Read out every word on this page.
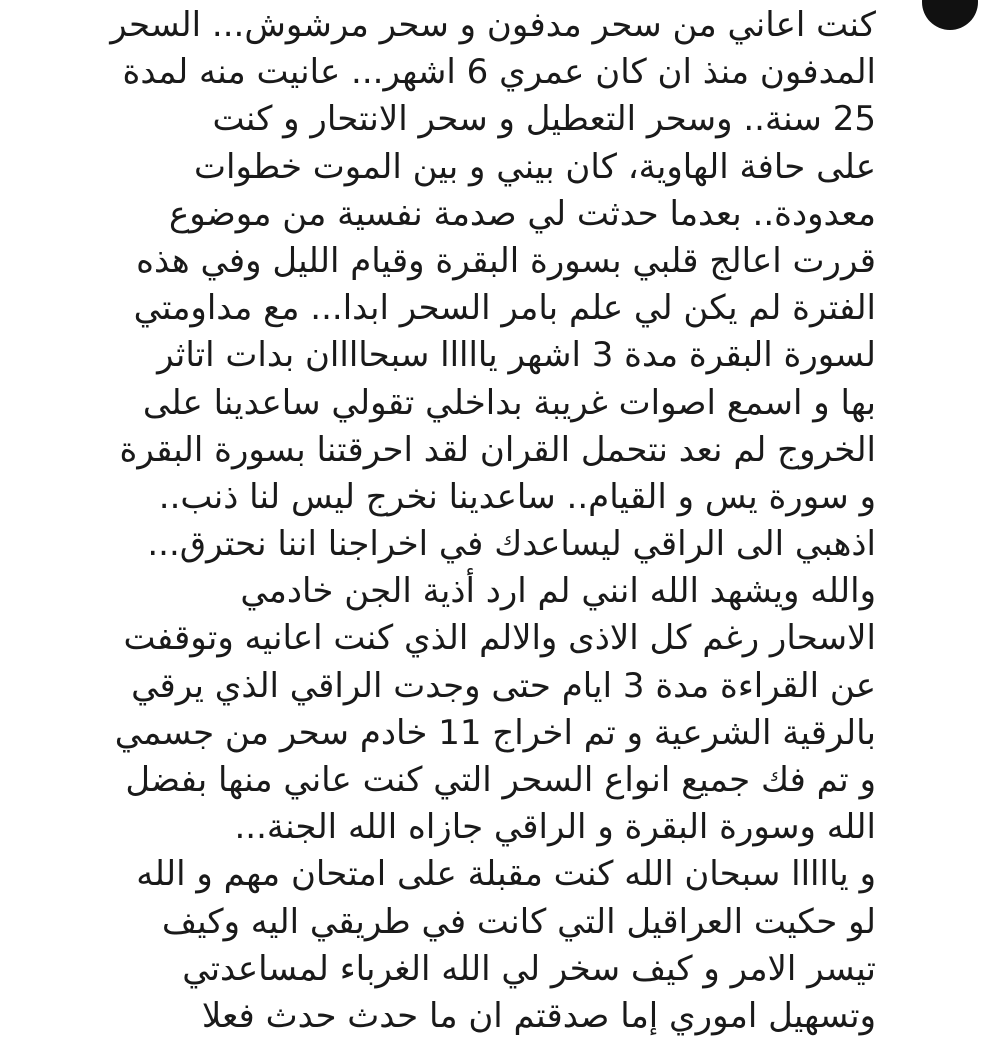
كنت اعاني من سحر مدفون و سحر مرشوش... السحر
المدفون منذ ان كان عمري 6 اشهر... عانيت منه لمدة
25 سنة.. وسحر التعطيل و سحر الانتحار و كنت
على حافة الهاوية، كان بيني و بين الموت خطوات
معدودة.. بعدما حدثت لي صدمة نفسية من موضوع
قررت اعالج قلبي بسورة البقرة وقيام الليل وفي هذه
الفترة لم يكن لي علم بامر السحر ابدا... مع مداومتي
لسورة البقرة مدة 3 اشهر يااااا سبحاااان بدات اتاثر
بها و اسمع اصوات غريبة بداخلي تقولي ساعدينا على
الخروج لم نعد نتحمل القران لقد احرقتنا بسورة البقرة
و سورة يس و القيام.. ساعدينا نخرج ليس لنا ذنب..
اذهبي الى الراقي ليساعدك في اخراجنا اننا نحترق...
والله ويشهد الله انني لم ارد أذية الجن خادمي
الاسحار رغم كل الاذى والالم الذي كنت اعانيه وتوقفت
عن القراءة مدة 3 ايام حتى وجدت الراقي الذي يرقي
بالرقية الشرعية و تم اخراج 11 خادم سحر من جسمي
و تم فك جميع انواع السحر التي كنت عاني منها بفضل
الله وسورة البقرة و الراقي جازاه الله الجنة...
و يااااا سبحان الله كنت مقبلة على امتحان مهم و الله
لو حكيت العراقيل التي كانت في طريقي اليه وكيف
تيسر الامر و كيف سخر لي الله الغرباء لمساعدتي
وتسهيل اموري إما صدقتم ان ما حدث حدث فعلا
